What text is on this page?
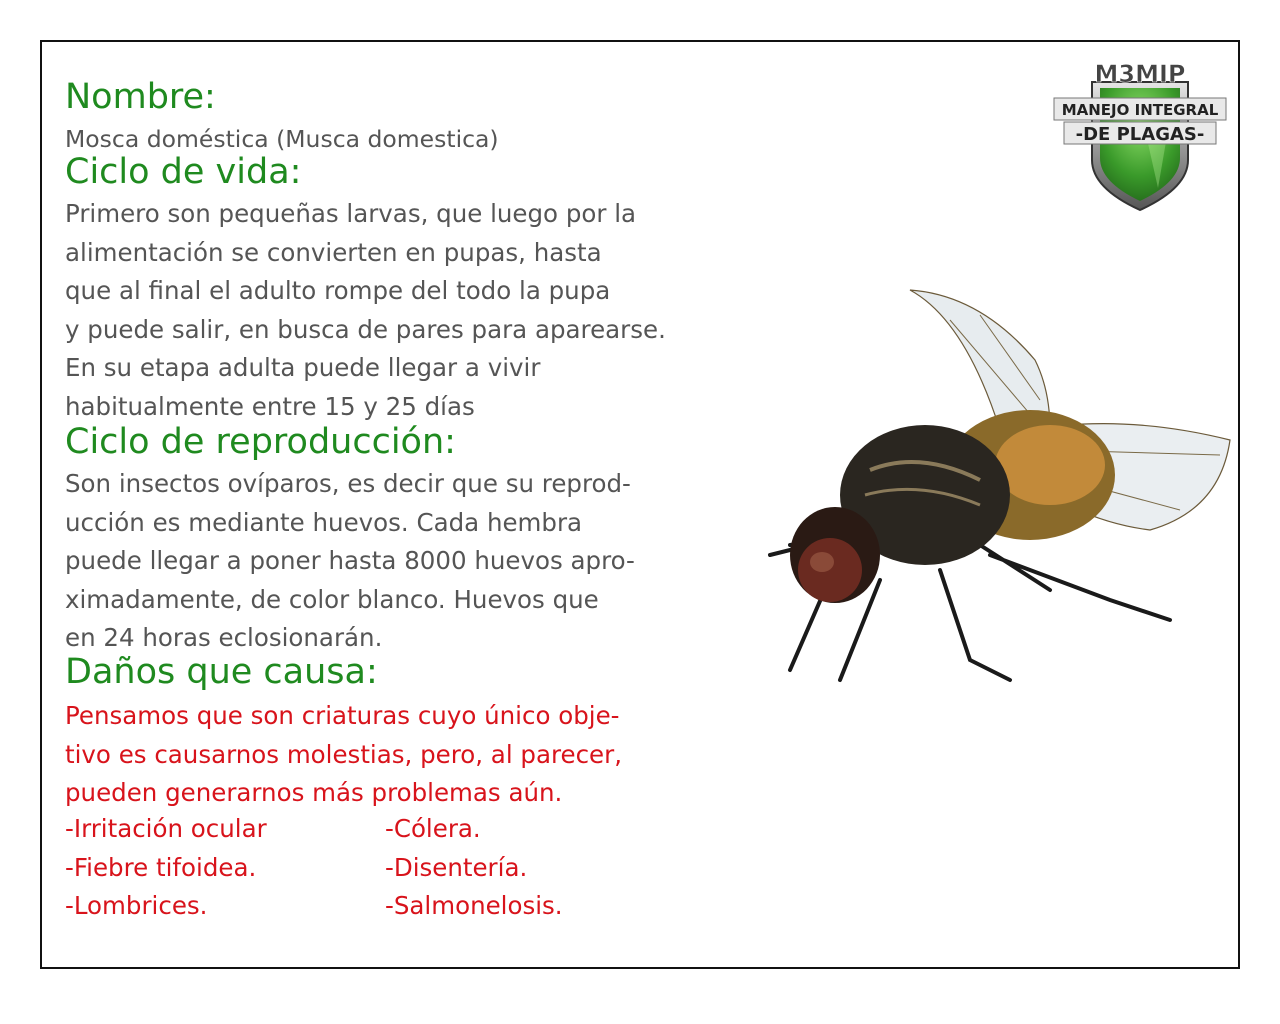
M3MIP
MANEJO INTEGRAL
-DE PLAGAS-
Nombre:
Mosca doméstica (Musca domestica)
Ciclo de vida:
Primero son pequeñas larvas, que luego por la
alimentación se convierten en pupas, hasta
que al final el adulto rompe del todo la pupa
y puede salir, en busca de pares para aparearse.
En su etapa adulta puede llegar a vivir
habitualmente entre 15 y 25 días
Ciclo de reproducción:
Son insectos ovíparos, es decir que su reprod-
ucción es mediante huevos. Cada hembra
puede llegar a poner hasta 8000 huevos apro-
ximadamente, de color blanco. Huevos que
en 24 horas eclosionarán.
Daños que causa:
Pensamos que son criaturas cuyo único obje-
tivo es causarnos molestias, pero, al parecer,
pueden generarnos más problemas aún.
-Irritación ocular
-Fiebre tifoidea.
-Lombrices.
-Cólera.
-Disentería.
-Salmonelosis.
